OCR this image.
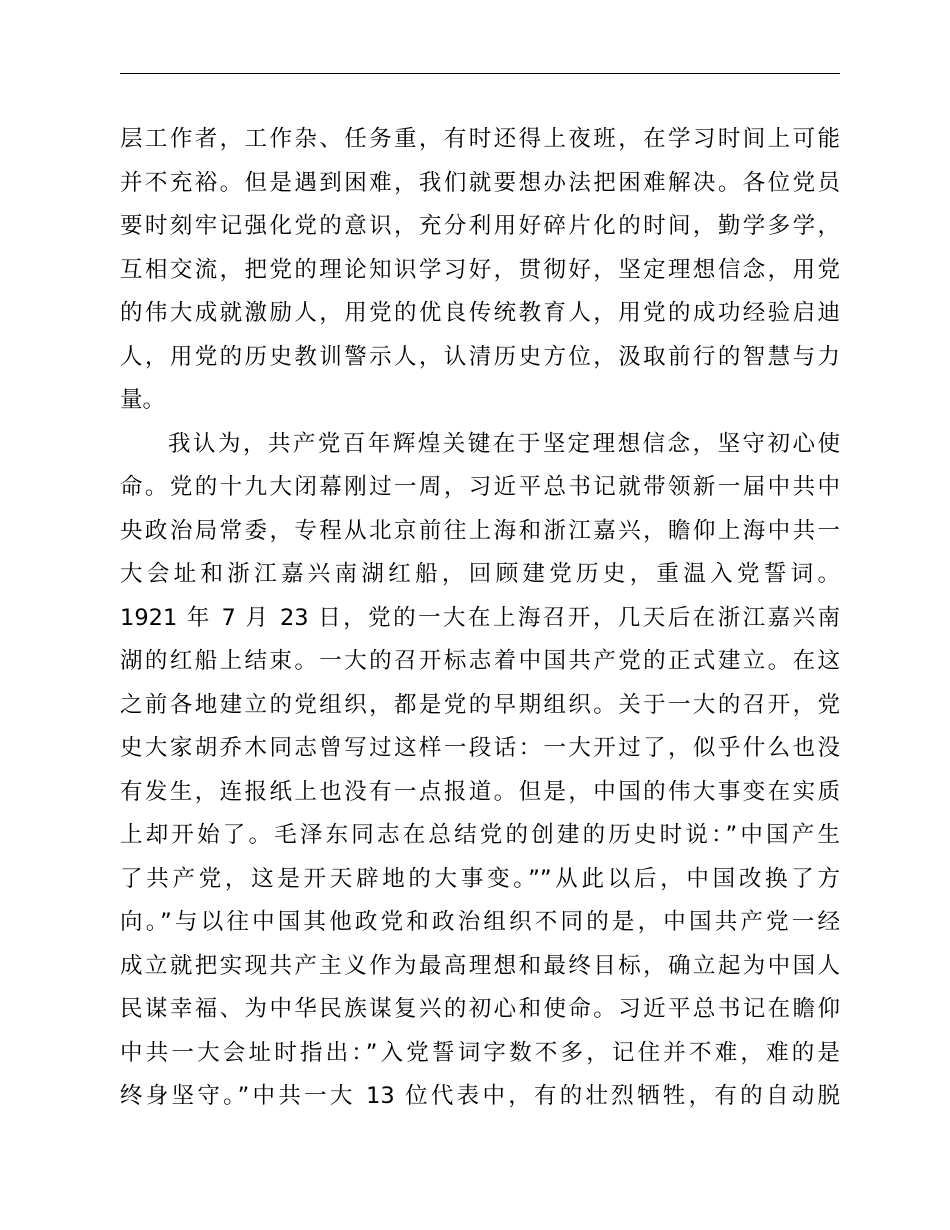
层工作者，工作杂、任务重，有时还得上夜班，在学习时间上可能
并不充裕。但是遇到困难，我们就要想办法把困难解决。各位党员
要时刻牢记强化党的意识，充分利用好碎片化的时间，勤学多学，
互相交流，把党的理论知识学习好，贯彻好，坚定理想信念，用党
的伟大成就激励人，用党的优良传统教育人，用党的成功经验启迪
人，用党的历史教训警示人，认清历史方位，汲取前行的智慧与力
量。
我认为，共产党百年辉煌关键在于坚定理想信念，坚守初心使
命。党的十九大闭幕刚过一周，习近平总书记就带领新一届中共中
央政治局常委，专程从北京前往上海和浙江嘉兴，瞻仰上海中共一
大会址和浙江嘉兴南湖红船，回顾建党历史，重温入党誓词。
1921 年 7 月 23 日，党的一大在上海召开，几天后在浙江嘉兴南
湖的红船上结束。一大的召开标志着中国共产党的正式建立。在这
之前各地建立的党组织，都是党的早期组织。关于一大的召开，党
史大家胡乔木同志曾写过这样一段话：一大开过了，似乎什么也没
有发生，连报纸上也没有一点报道。但是，中国的伟大事变在实质
上却开始了。毛泽东同志在总结党的创建的历史时说：”中国产生
了共产党，这是开天辟地的大事变。””从此以后，中国改换了方
向。”与以往中国其他政党和政治组织不同的是，中国共产党一经
成立就把实现共产主义作为最高理想和最终目标，确立起为中国人
民谋幸福、为中华民族谋复兴的初心和使命。习近平总书记在瞻仰
中共一大会址时指出：”入党誓词字数不多，记住并不难，难的是
终身坚守。”中共一大 13 位代表中，有的壮烈牺牲，有的自动脱
